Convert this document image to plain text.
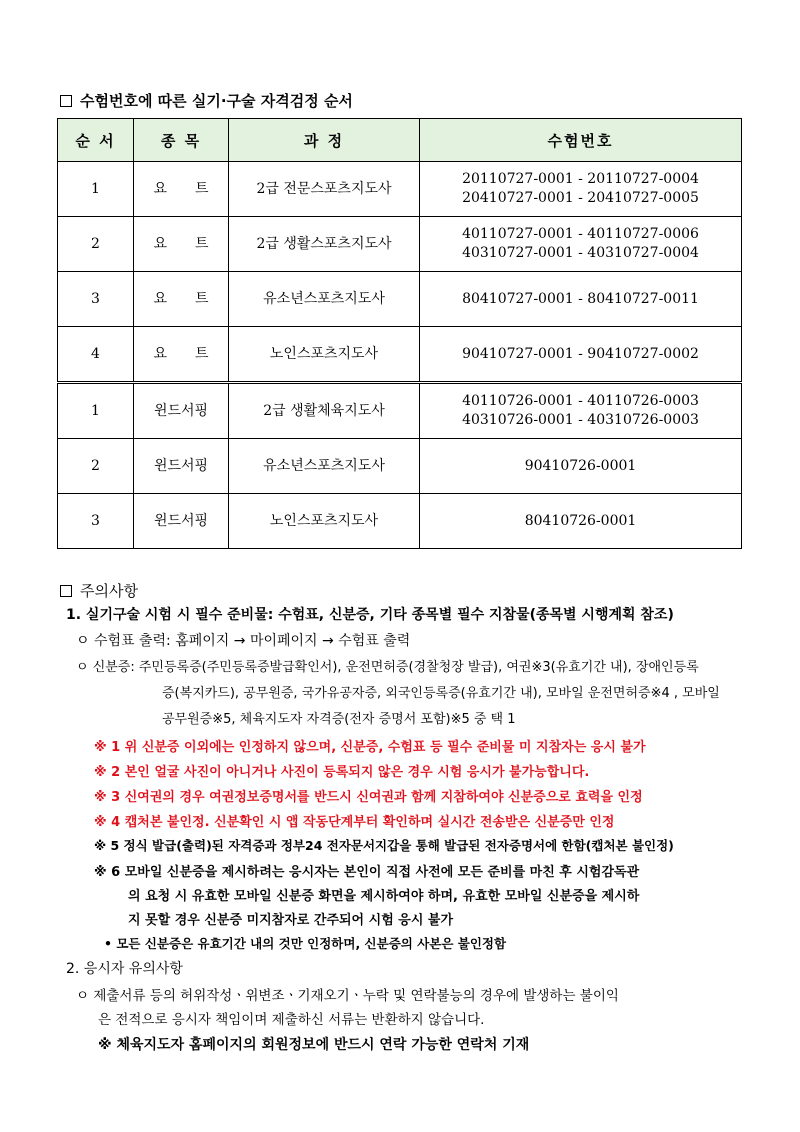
수험번호에 따른 실기·구술 자격검정 순서
순 서	종 목	과 정	수험번호
1	요　　트	2급 전문스포츠지도사	20110727-0001 - 20110727-0004
20410727-0001 - 20410727-0005

2	요　　트	2급 생활스포츠지도사	40110727-0001 - 40110727-0006
40310727-0001 - 40310727-0004

3	요　　트	유소년스포츠지도사	80410727-0001 - 80410727-0011

4	요　　트	노인스포츠지도사	90410727-0001 - 90410727-0002

1	윈드서핑	2급 생활체육지도사	40110726-0001 - 40110726-0003
40310726-0001 - 40310726-0003

2	윈드서핑	유소년스포츠지도사	90410726-0001

3	윈드서핑	노인스포츠지도사	80410726-0001
주의사항
1. 실기구술 시험 시 필수 준비물: 수험표, 신분증, 기타 종목별 필수 지참물(종목별 시행계획 참조)
ㅇ 수험표 출력: 홈페이지 → 마이페이지 → 수험표 출력
ㅇ 신분증: 주민등록증(주민등록증발급확인서), 운전면허증(경찰청장 발급), 여권※3(유효기간 내), 장애인등록
증(복지카드), 공무원증, 국가유공자증, 외국인등록증(유효기간 내), 모바일 운전면허증※4 , 모바일
공무원증※5, 체육지도자 자격증(전자 증명서 포함)※5 중 택 1
※ 1 위 신분증 이외에는 인정하지 않으며, 신분증, 수험표 등 필수 준비물 미 지참자는 응시 불가
※ 2 본인 얼굴 사진이 아니거나 사진이 등록되지 않은 경우 시험 응시가 불가능합니다.
※ 3 신여권의 경우 여권정보증명서를 반드시 신여권과 함께 지참하여야 신분증으로 효력을 인정
※ 4 캡처본 불인정. 신분확인 시 앱 작동단계부터 확인하며 실시간 전송받은 신분증만 인정
※ 5 정식 발급(출력)된 자격증과 정부24 전자문서지갑을 통해 발급된 전자증명서에 한함(캡처본 불인정)
※ 6 모바일 신분증을 제시하려는 응시자는 본인이 직접 사전에 모든 준비를 마친 후 시험감독관
의 요청 시 유효한 모바일 신분증 화면을 제시하여야 하며, 유효한 모바일 신분증을 제시하
지 못할 경우 신분증 미지참자로 간주되어 시험 응시 불가
• 모든 신분증은 유효기간 내의 것만 인정하며, 신분증의 사본은 불인정함
2. 응시자 유의사항
ㅇ 제출서류 등의 허위작성ㆍ위변조ㆍ기재오기ㆍ누락 및 연락불능의 경우에 발생하는 불이익
은 전적으로 응시자 책임이며 제출하신 서류는 반환하지 않습니다.
※ 체육지도자 홈페이지의 회원정보에 반드시 연락 가능한 연락처 기재
